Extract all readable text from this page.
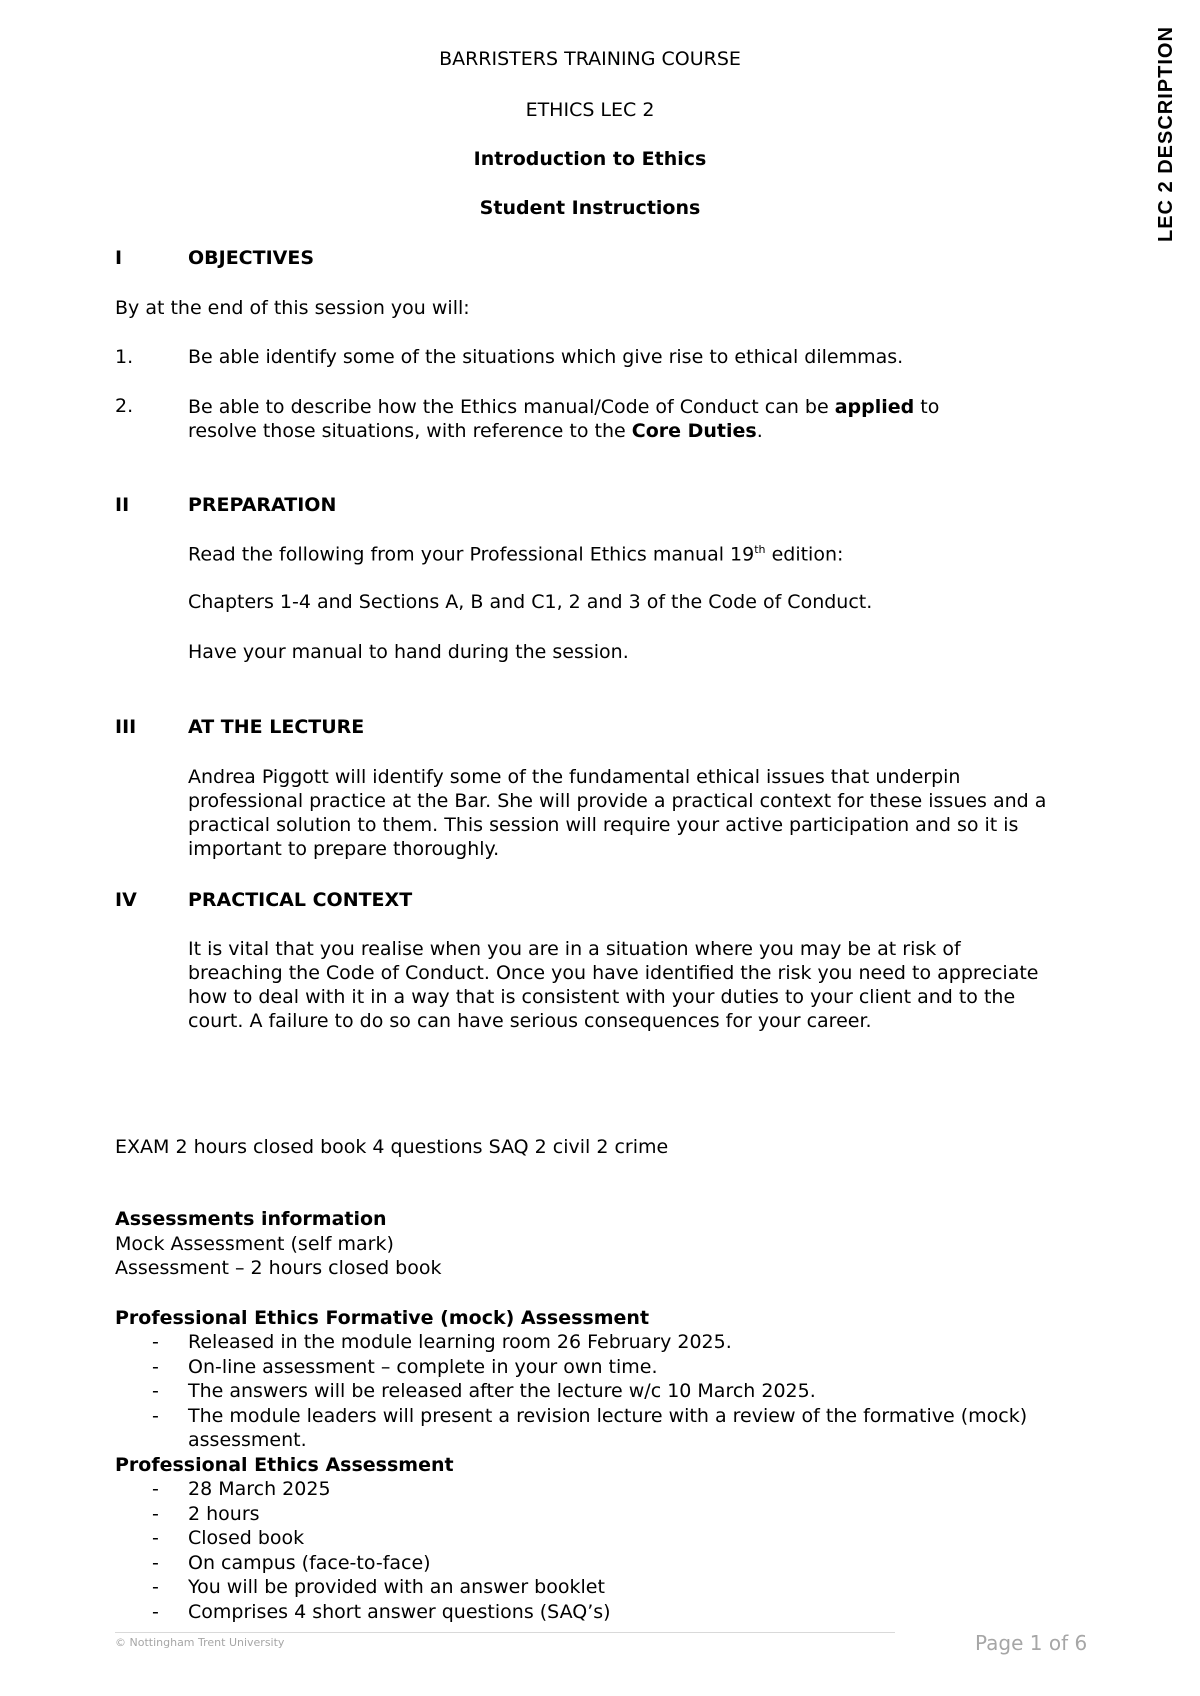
LEC 2 DESCRIPTION
BARRISTERS TRAINING COURSE
ETHICS LEC 2
Introduction to Ethics
Student Instructions
I	OBJECTIVES
By at the end of this session you will:
1.	Be able identify some of the situations which give rise to ethical dilemmas.
2.	Be able to describe how the Ethics manual/Code of Conduct can be applied to resolve those situations, with reference to the Core Duties.
II	PREPARATION
Read the following from your Professional Ethics manual 19th edition:
Chapters 1-4 and Sections A, B and C1, 2 and 3 of the Code of Conduct.
Have your manual to hand during the session.
III	AT THE LECTURE
Andrea Piggott will identify some of the fundamental ethical issues that underpin professional practice at the Bar. She will provide a practical context for these issues and a practical solution to them. This session will require your active participation and so it is important to prepare thoroughly.
IV	PRACTICAL CONTEXT
It is vital that you realise when you are in a situation where you may be at risk of breaching the Code of Conduct. Once you have identified the risk you need to appreciate how to deal with it in a way that is consistent with your duties to your client and to the court. A failure to do so can have serious consequences for your career.
EXAM 2 hours closed book 4 questions SAQ 2 civil 2 crime
Assessments information
Mock Assessment (self mark)
Assessment – 2 hours closed book
Professional Ethics Formative (mock) Assessment
- Released in the module learning room 26 February 2025.
- On-line assessment – complete in your own time.
- The answers will be released after the lecture w/c 10 March 2025.
- The module leaders will present a revision lecture with a review of the formative (mock) assessment.
Professional Ethics Assessment
- 28 March 2025
- 2 hours
- Closed book
- On campus (face-to-face)
- You will be provided with an answer booklet
- Comprises 4 short answer questions (SAQ’s)
© Nottingham Trent University	Page 1 of 6
